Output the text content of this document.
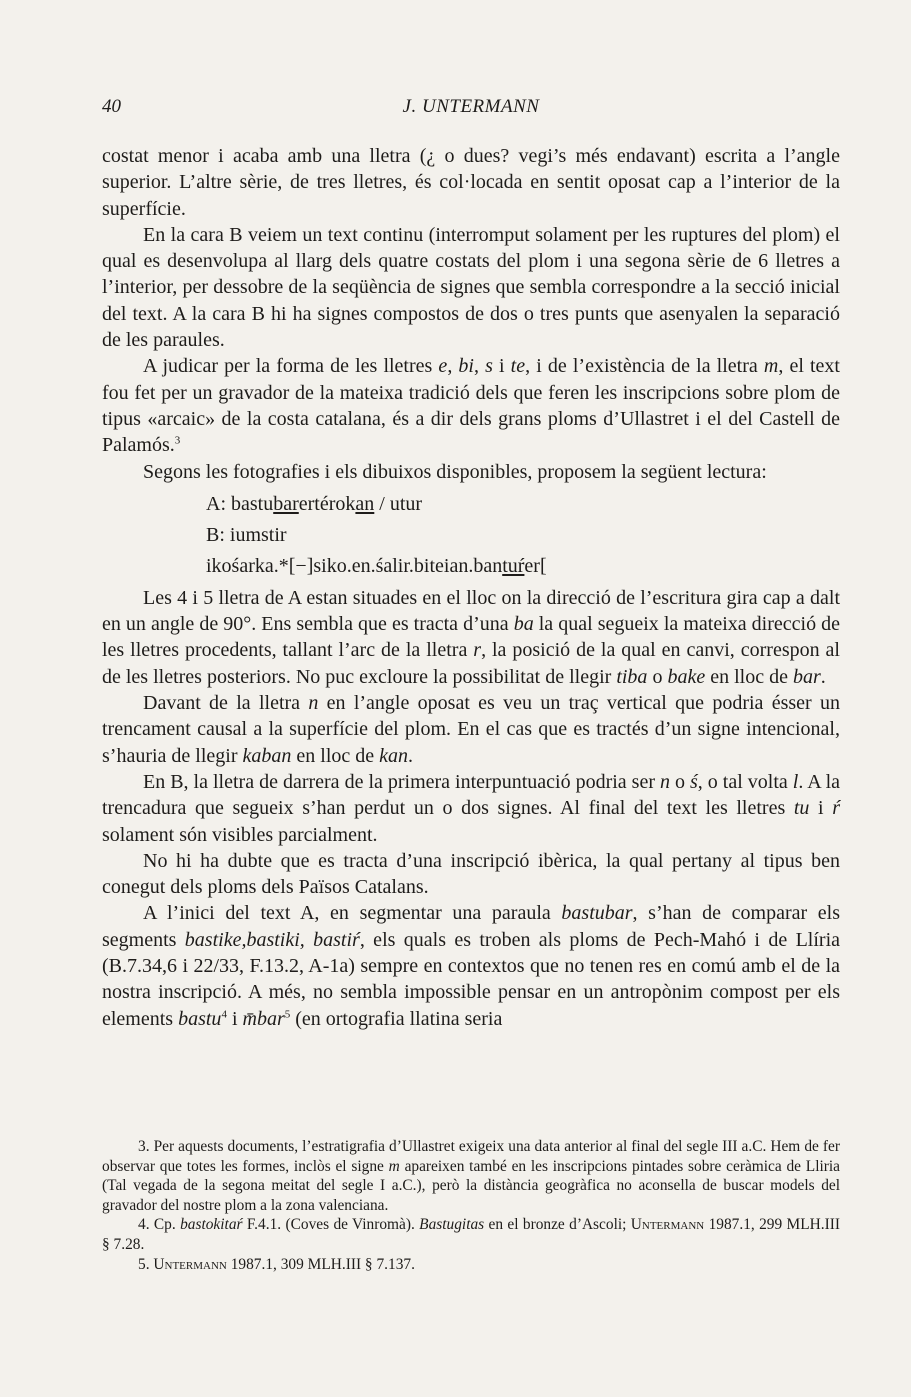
40	J. UNTERMANN

costat menor i acaba amb una lletra (¿ o dues? vegi’s més endavant) escrita a l’angle superior. L’altre sèrie, de tres lletres, és col·locada en sentit oposat cap a l’interior de la superfície.

En la cara B veiem un text continu (interromput solament per les ruptures del plom) el qual es desenvolupa al llarg dels quatre costats del plom i una segona sèrie de 6 lletres a l’interior, per dessobre de la seqüència de signes que sembla correspondre a la secció inicial del text. A la cara B hi ha signes compostos de dos o tres punts que asenyalen la separació de les paraules.

A judicar per la forma de les lletres e, bi, s i te, i de l’existència de la lletra m, el text fou fet per un gravador de la mateixa tradició dels que feren les inscripcions sobre plom de tipus «arcaic» de la costa catalana, és a dir dels grans ploms d’Ullastret i el del Castell de Palamós.$^3$

Segons les fotografies i els dibuixos disponibles, proposem la següent lectura:

A: bastubarertérokan / utur

B: iumstir

ikośarka.*[−]siko.en.śalir.biteian.bantuŕer[

Les 4 i 5 lletra de A estan situades en el lloc on la direcció de l’escritura gira cap a dalt en un angle de 90°. Ens sembla que es tracta d’una ba la qual segueix la mateixa direcció de les lletres procedents, tallant l’arc de la lletra r, la posició de la qual en canvi, correspon al de les lletres posteriors. No puc excloure la possibilitat de llegir tiba o bake en lloc de bar.

Davant de la lletra n en l’angle oposat es veu un traç vertical que podria ésser un trencament causal a la superfície del plom. En el cas que es tractés d’un signe intencional, s’hauria de llegir kaban en lloc de kan.

En B, la lletra de darrera de la primera interpuntuació podria ser n o ś, o tal volta l. A la trencadura que segueix s’han perdut un o dos signes. Al final del text les lletres tu i ŕ solament són visibles parcialment.

No hi ha dubte que es tracta d’una inscripció ibèrica, la qual pertany al tipus ben conegut dels ploms dels Països Catalans.

A l’inici del text A, en segmentar una paraula bastubar, s’han de comparar els segments bastike,bastiki, bastiŕ, els quals es troben als ploms de Pech-Mahó i de Llíria (B.7.34,6 i 22/33, F.13.2, A-1a) sempre en contextos que no tenen res en comú amb el de la nostra inscripció. A més, no sembla impossible pensar en un antropònim compost per els elements bastu$^4$ i m̄bar$^5$ (en ortografia llatina seria

3. Per aquests documents, l’estratigrafia d’Ullastret exigeix una data anterior al final del segle III a.C. Hem de fer observar que totes les formes, inclòs el signe m apareixen també en les inscripcions pintades sobre ceràmica de Lliria (Tal vegada de la segona meitat del segle I a.C.), però la distància geogràfica no aconsella de buscar models del gravador del nostre plom a la zona valenciana.

4. Cp. bastokitaŕ F.4.1. (Coves de Vinromà). Bastugitas en el bronze d’Ascoli; Untermann 1987.1, 299 MLH.III § 7.28.

5. Untermann 1987.1, 309 MLH.III § 7.137.
